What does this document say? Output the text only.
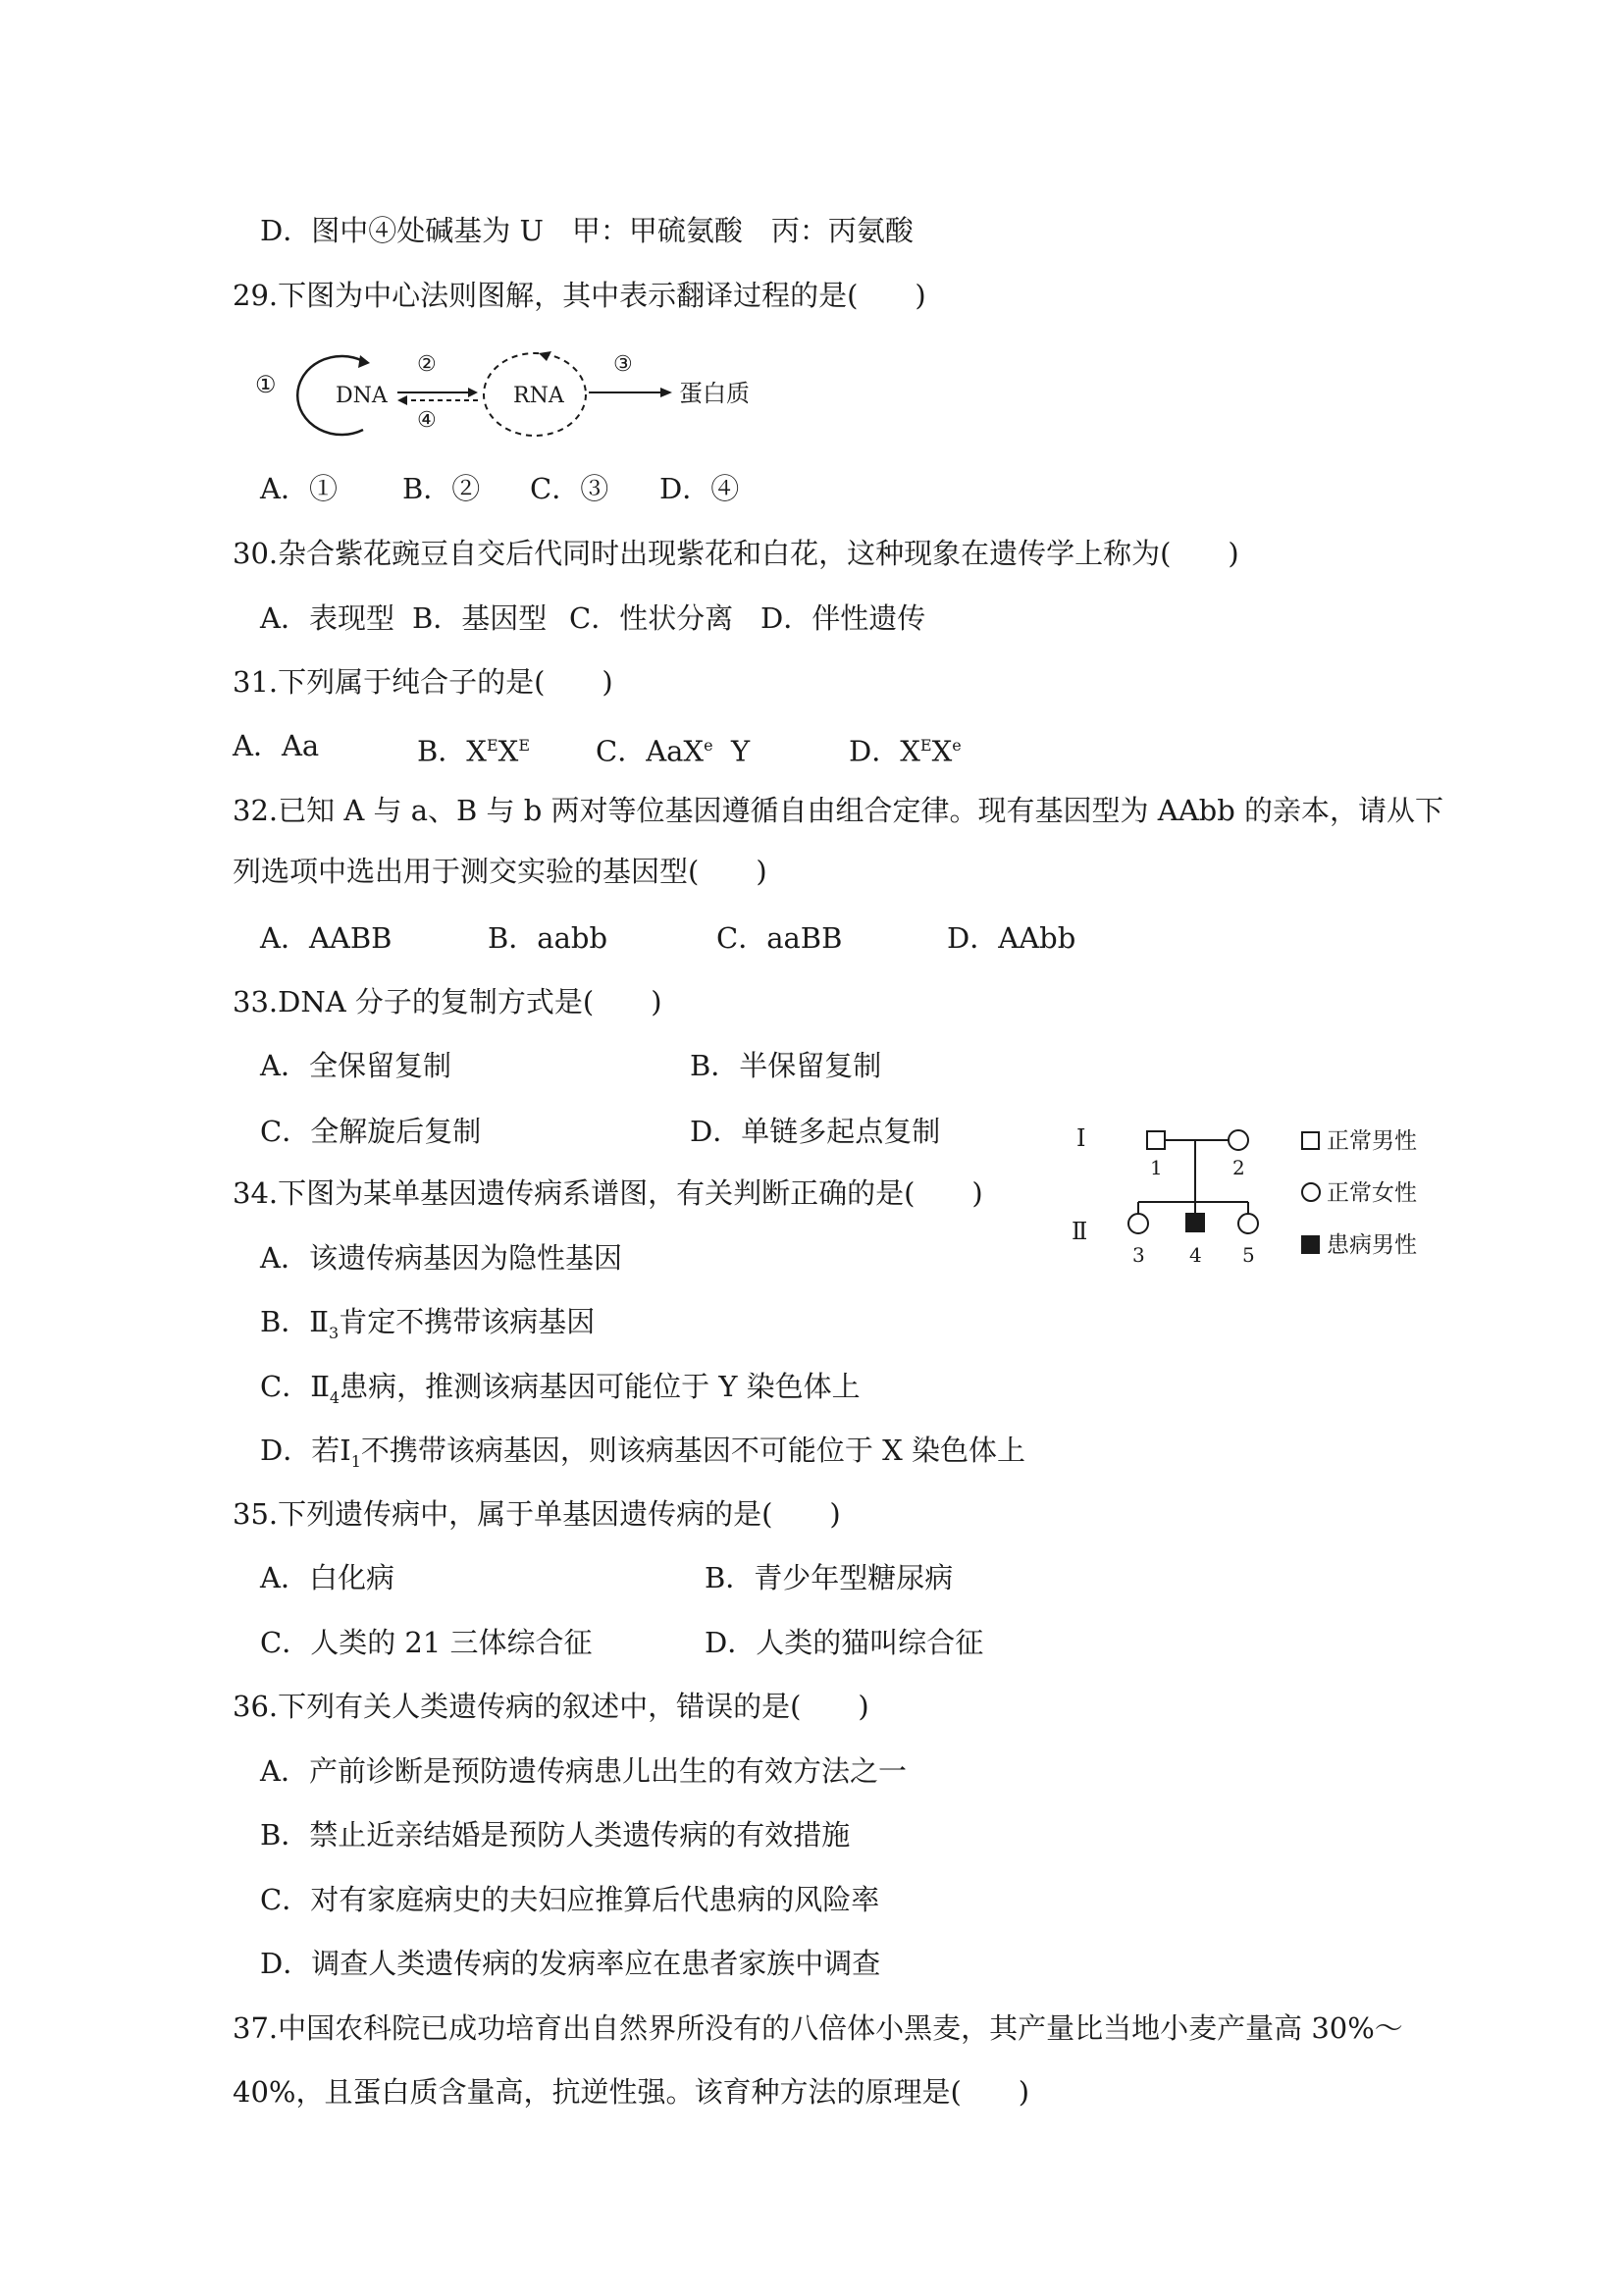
D．图中④处碱基为 U　甲：甲硫氨酸　丙：丙氨酸
29.下图为中心法则图解，其中表示翻译过程的是(　　)
①	DNA
②
④
RNA
③
蛋白质
A．① B．② C．③ D．④
30.杂合紫花豌豆自交后代同时出现紫花和白花，这种现象在遗传学上称为(　　)
A．表现型 B．基因型 C．性状分离 D．伴性遗传
31.下列属于纯合子的是(　　)
A．Aa	B．$X^EX^E$ C．AaX$^e$  Y	D．$X^EXe$
32.已知 A 与 a、B 与 b 两对等位基因遵循自由组合定律。现有基因型为 AAbb 的亲本，请从下
列选项中选出用于测交实验的基因型(　　)
A．AABB	B．aabb	C．aaBB	D．AAbb
33.DNA 分子的复制方式是(　　)
A．全保留复制	B．半保留复制
C．全解旋后复制	D．单链多起点复制	Ⅰ
Ⅱ
1	2
3 4 5
正常男性
正常女性
患病男性
34.下图为某单基因遗传病系谱图，有关判断正确的是(　　)
A．该遗传病基因为隐性基因
B．$Ⅱ_3$肯定不携带该病基因
C．$Ⅱ_4$患病，推测该病基因可能位于 Y 染色体上
D．若$Ⅰ_1$不携带该病基因，则该病基因不可能位于 X 染色体上
35.下列遗传病中，属于单基因遗传病的是(　　)
A．白化病	B．青少年型糖尿病
C．人类的 21 三体综合征	D．人类的猫叫综合征
36.下列有关人类遗传病的叙述中，错误的是(　　)
A．产前诊断是预防遗传病患儿出生的有效方法之一
B．禁止近亲结婚是预防人类遗传病的有效措施
C．对有家庭病史的夫妇应推算后代患病的风险率
D．调查人类遗传病的发病率应在患者家族中调查
37.中国农科院已成功培育出自然界所没有的八倍体小黑麦，其产量比当地小麦产量高 30%～
40%，且蛋白质含量高，抗逆性强。该育种方法的原理是(　　)
